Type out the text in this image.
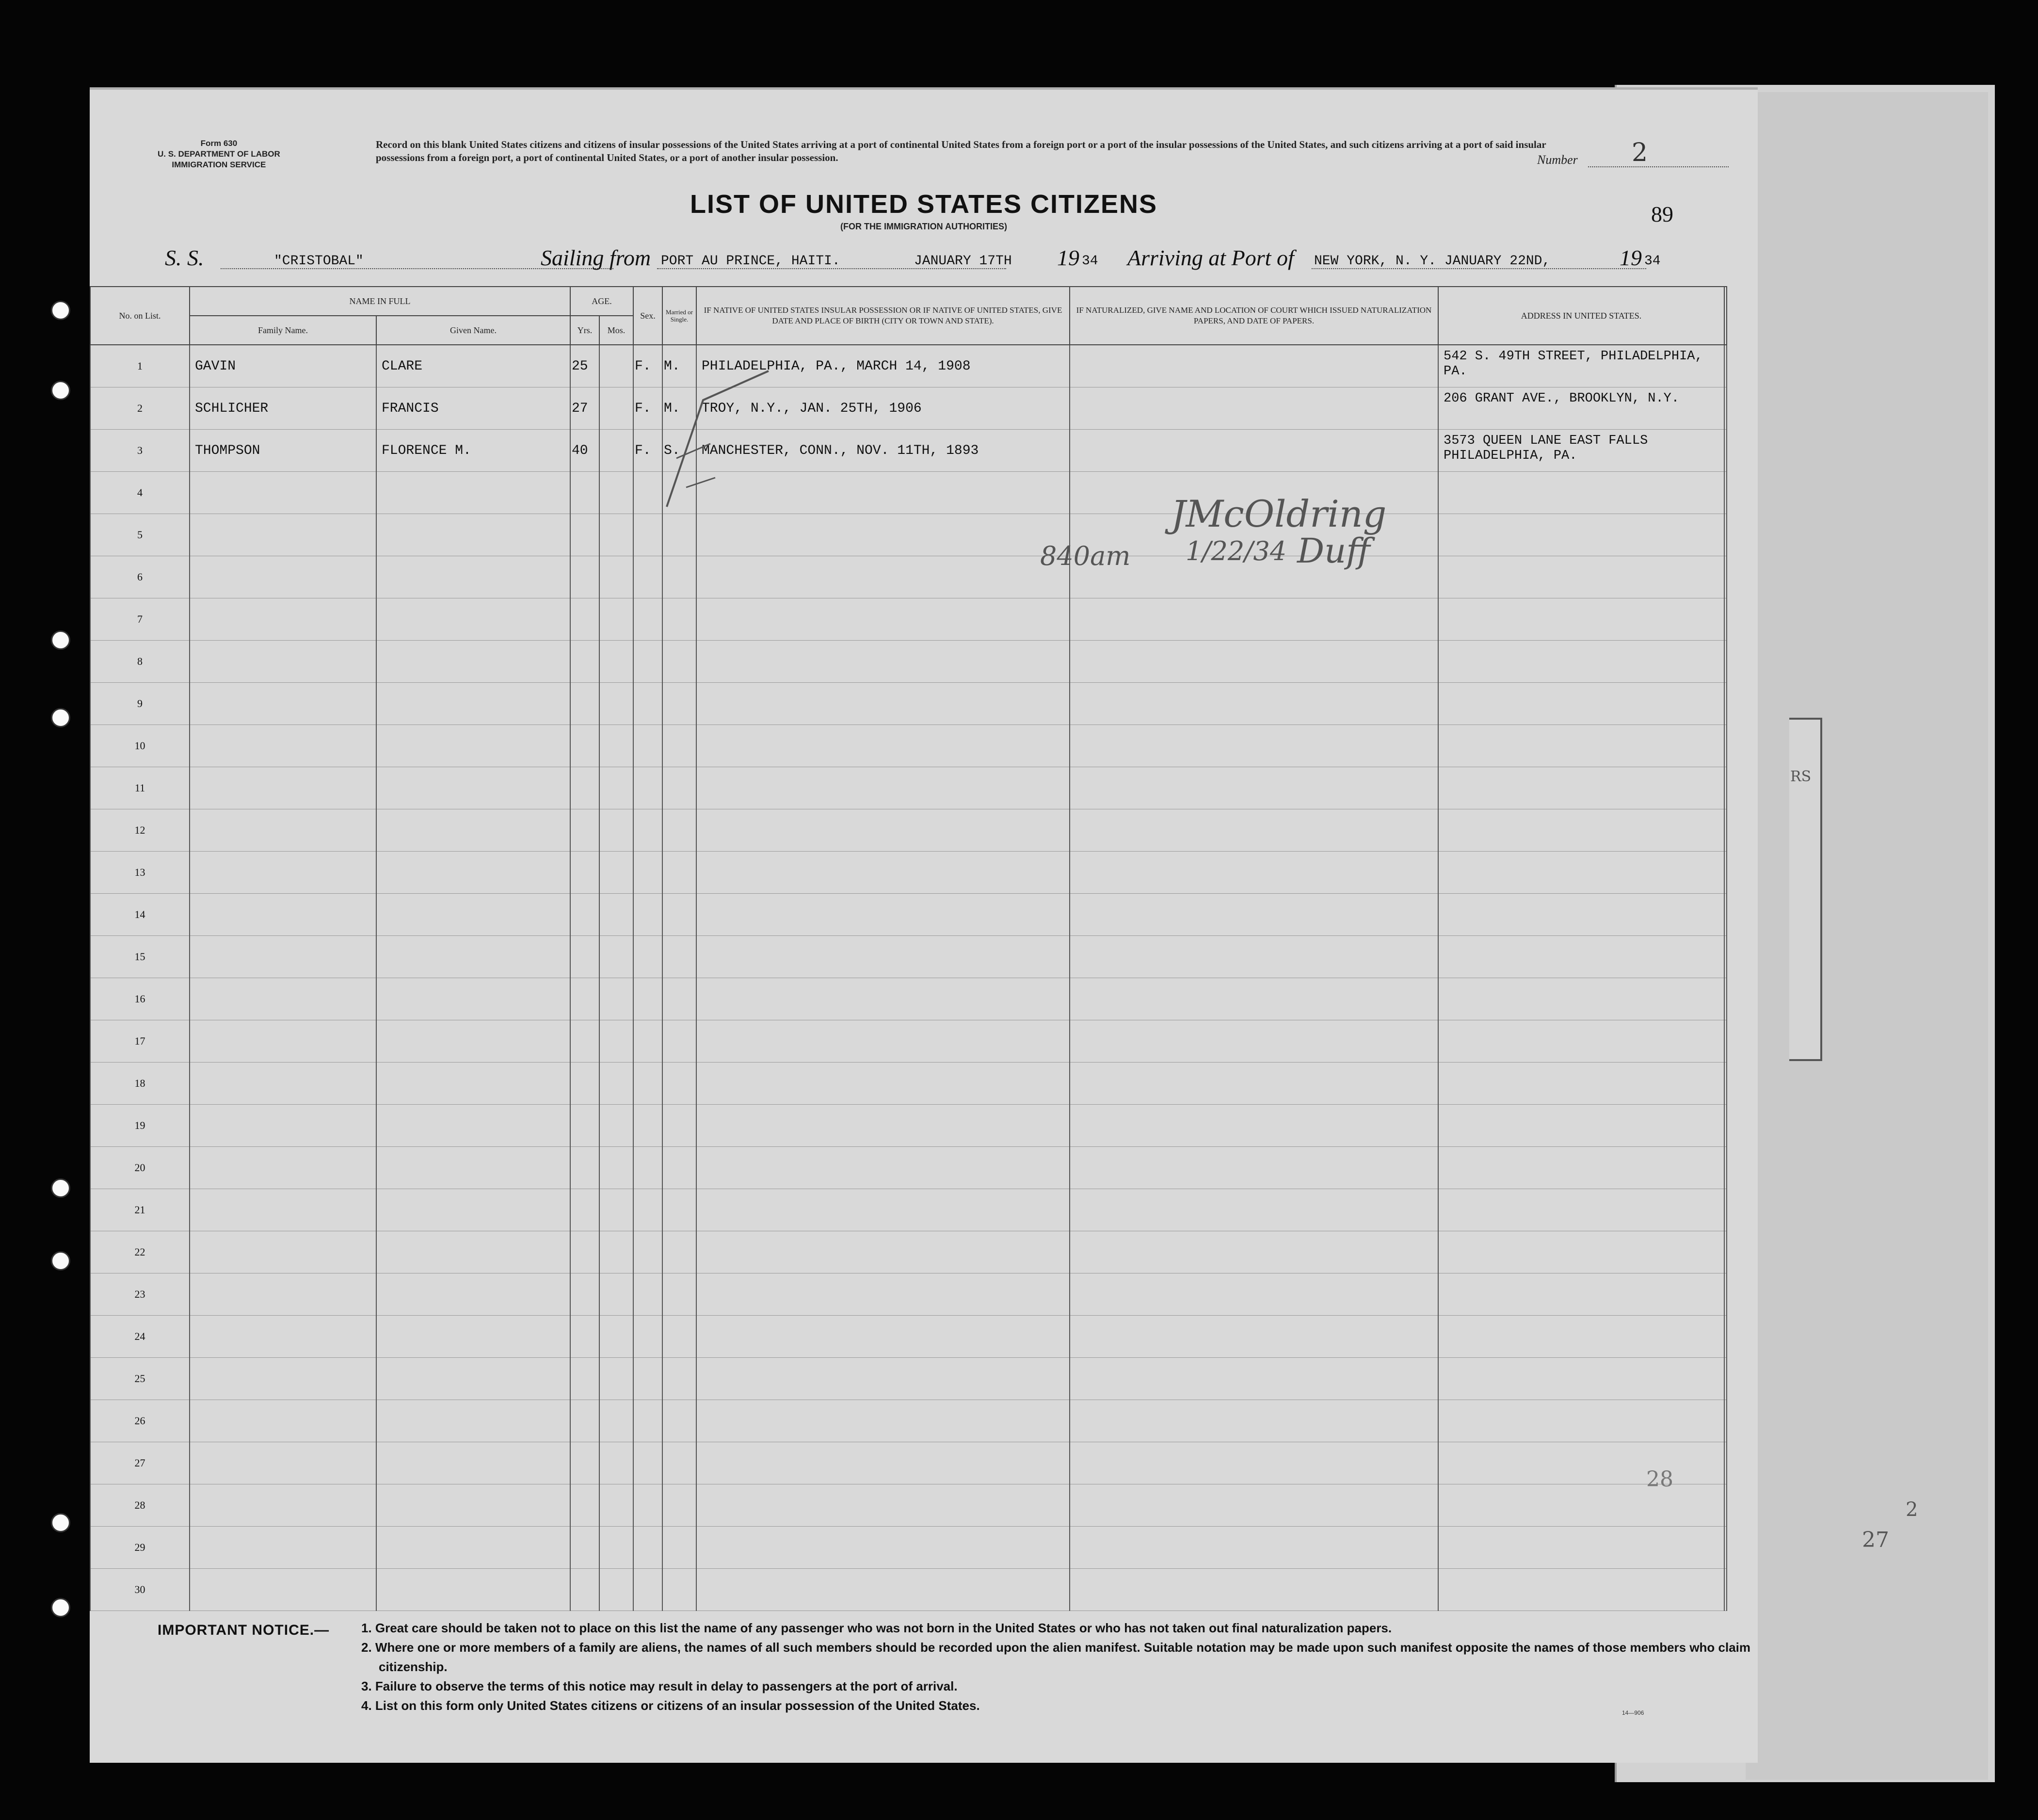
RS
2
27
Form 630
U. S. DEPARTMENT OF LABOR
IMMIGRATION SERVICE
Record on this blank United States citizens and citizens of insular possessions of the United States arriving at a port of continental United States from a foreign port or a port of the insular possessions of the United States, and such citizens arriving at a port of said insular possessions from a foreign port, a port of continental United States, or a port of another insular possession.	Number 2
LIST OF UNITED STATES CITIZENS
(FOR THE IMMIGRATION AUTHORITIES)	89
S. S.	"CRISTOBAL"	Sailing from PORT AU PRINCE, HAITI.	JANUARY 17TH 19 34 Arriving at Port of NEW YORK, N. Y. JANUARY 22ND,	19 34
No. on List.	NAME IN FULL		AGE.		Sex.	Married or Single.	IF NATIVE OF UNITED STATES INSULAR POSSESSION OR IF NATIVE OF UNITED STATES, GIVE DATE AND PLACE OF BIRTH (CITY OR TOWN AND STATE).	IF NATURALIZED, GIVE NAME AND LOCATION OF COURT WHICH ISSUED NATURALIZATION PAPERS, AND DATE OF PAPERS.	ADDRESS IN UNITED STATES.	
	Family Name.	Given Name.	Yrs.	Mos.						
1	GAVIN	CLARE	25		F.	M.	PHILADELPHIA, PA., MARCH 14, 1908		542 S. 49TH STREET, PHILADELPHIA, PA.	
2	SCHLICHER	FRANCIS	27		F.	M.	TROY, N.Y., JAN. 25TH, 1906		206 GRANT AVE., BROOKLYN, N.Y.	
3	THOMPSON	FLORENCE M.	40		F.	S.	MANCHESTER, CONN., NOV. 11TH, 1893		3573 QUEEN LANE EAST FALLS PHILADELPHIA, PA.	
4										
5										
6										
7										
8										
9										
10										
11										
12										
13										
14										
15										
16										
17										
18										
19										
20										
21										
22										
23										
24										
25										
26										
27										
28										
29										
30										
840am
JMcOldring
1/22/34 Duff
28
IMPORTANT NOTICE.—	1. Great care should be taken not to place on this list the name of any passenger who was not born in the United States or who has not taken out final naturalization papers.
2. Where one or more members of a family are aliens, the names of all such members should be recorded upon the alien manifest. Suitable notation may be made upon such manifest opposite the names of those members who claim citizenship.
3. Failure to observe the terms of this notice may result in delay to passengers at the port of arrival.
4. List on this form only United States citizens or citizens of an insular possession of the United States.	14—906
